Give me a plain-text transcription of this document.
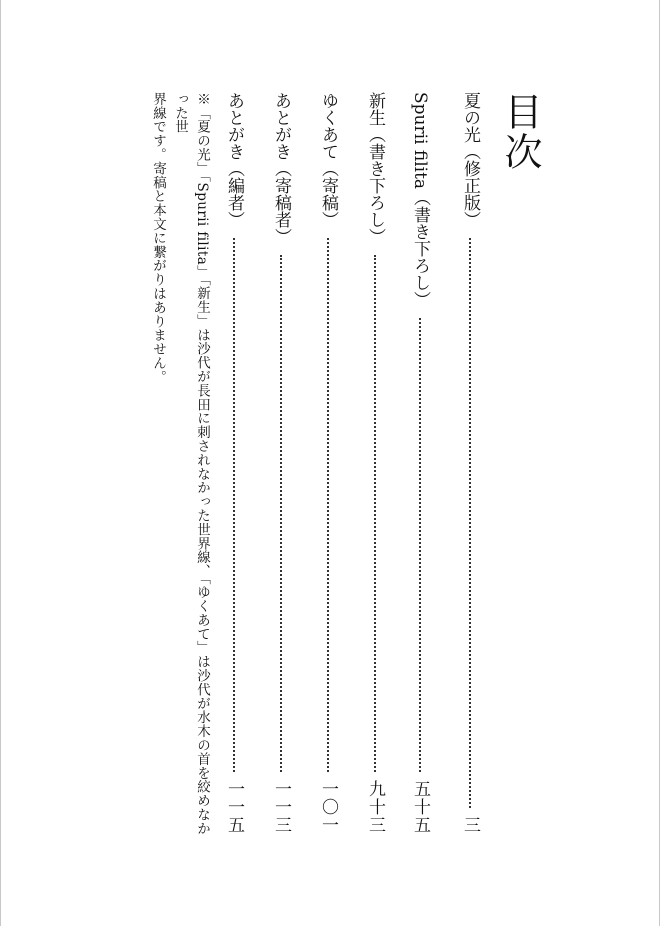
目次
夏の光（修正版）
三
Spurii filita（書き下ろし）
五十五
新生（書き下ろし）
九十三
ゆくあて（寄稿）
一〇一
あとがき（寄稿者）
一一三
あとがき（編者）
一一五
※「夏の光」「Spurii filita」「新生」は沙代が長田に刺されなかった世界線、「ゆくあて」は沙代が水木の首を絞めなかった世
界線です。寄稿と本文に繋がりはありません。
